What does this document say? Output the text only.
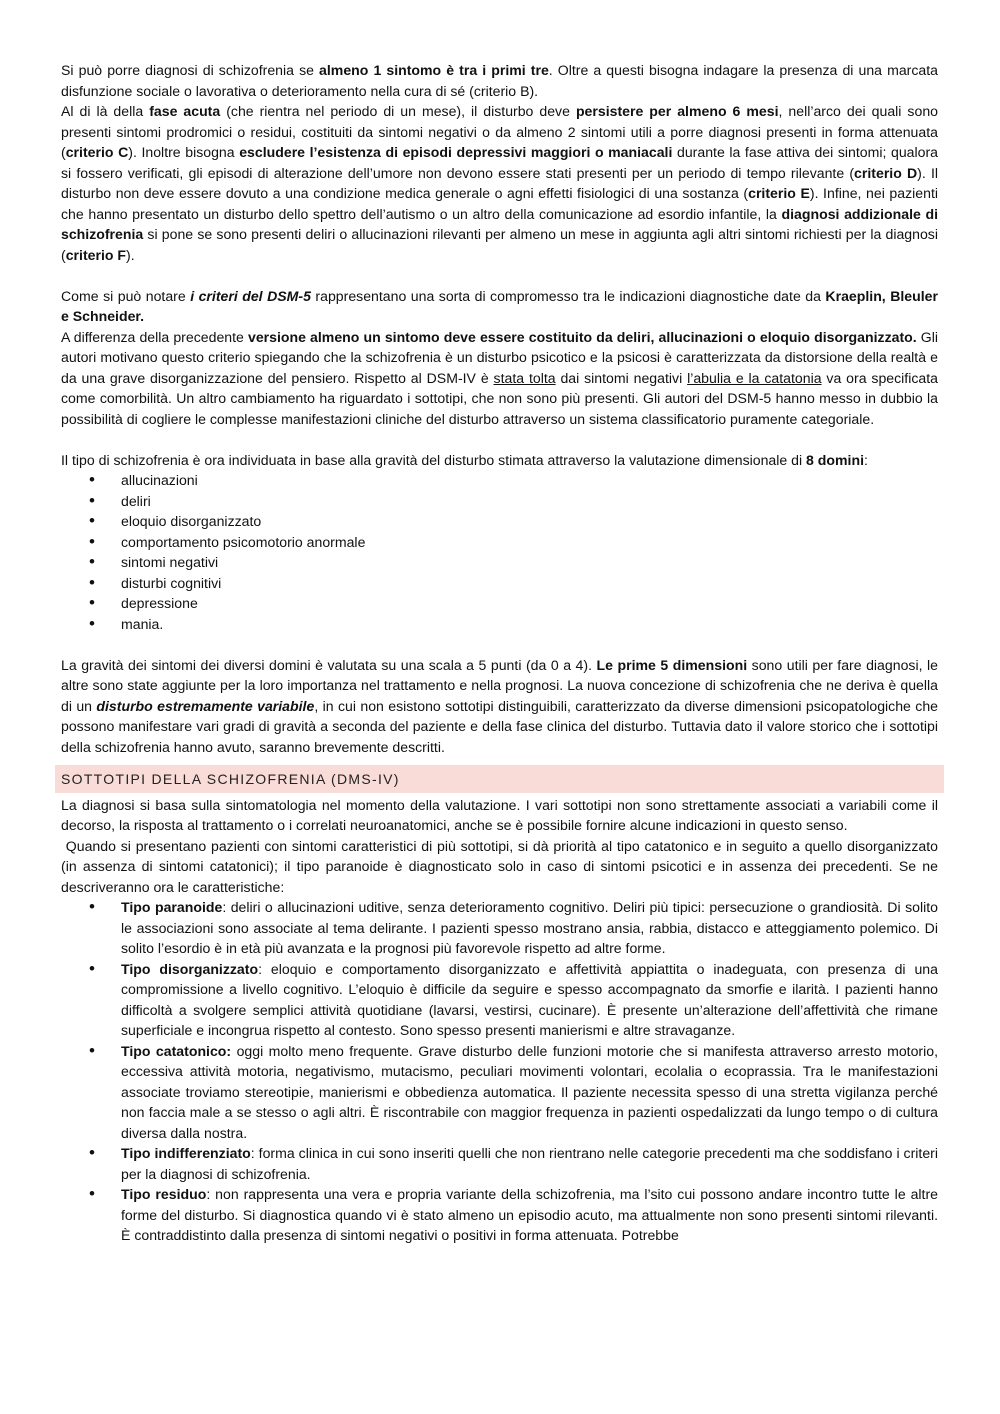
Si può porre diagnosi di schizofrenia se almeno 1 sintomo è tra i primi tre. Oltre a questi bisogna indagare la presenza di una marcata disfunzione sociale o lavorativa o deterioramento nella cura di sé (criterio B).

Al di là della fase acuta (che rientra nel periodo di un mese), il disturbo deve persistere per almeno 6 mesi, nell’arco dei quali sono presenti sintomi prodromici o residui, costituiti da sintomi negativi o da almeno 2 sintomi utili a porre diagnosi presenti in forma attenuata (criterio C). Inoltre bisogna escludere l’esistenza di episodi depressivi maggiori o maniacali durante la fase attiva dei sintomi; qualora si fossero verificati, gli episodi di alterazione dell’umore non devono essere stati presenti per un periodo di tempo rilevante (criterio D). Il disturbo non deve essere dovuto a una condizione medica generale o agni effetti fisiologici di una sostanza (criterio E). Infine, nei pazienti che hanno presentato un disturbo dello spettro dell’autismo o un altro della comunicazione ad esordio infantile, la diagnosi addizionale di schizofrenia si pone se sono presenti deliri o allucinazioni rilevanti per almeno un mese in aggiunta agli altri sintomi richiesti per la diagnosi (criterio F).

Come si può notare i criteri del DSM-5 rappresentano una sorta di compromesso tra le indicazioni diagnostiche date da Kraeplin, Bleuler e Schneider.

A differenza della precedente versione almeno un sintomo deve essere costituito da deliri, allucinazioni o eloquio disorganizzato. Gli autori motivano questo criterio spiegando che la schizofrenia è un disturbo psicotico e la psicosi è caratterizzata da distorsione della realtà e da una grave disorganizzazione del pensiero. Rispetto al DSM-IV è stata tolta dai sintomi negativi l’abulia e la catatonia va ora specificata come comorbilità. Un altro cambiamento ha riguardato i sottotipi, che non sono più presenti. Gli autori del DSM-5 hanno messo in dubbio la possibilità di cogliere le complesse manifestazioni cliniche del disturbo attraverso un sistema classificatorio puramente categoriale.

Il tipo di schizofrenia è ora individuata in base alla gravità del disturbo stimata attraverso la valutazione dimensionale di 8 domini:

• allucinazioni
• deliri
• eloquio disorganizzato
• comportamento psicomotorio anormale
• sintomi negativi
• disturbi cognitivi
• depressione
• mania.

La gravità dei sintomi dei diversi domini è valutata su una scala a 5 punti (da 0 a 4). Le prime 5 dimensioni sono utili per fare diagnosi, le altre sono state aggiunte per la loro importanza nel trattamento e nella prognosi. La nuova concezione di schizofrenia che ne deriva è quella di un disturbo estremamente variabile, in cui non esistono sottotipi distinguibili, caratterizzato da diverse dimensioni psicopatologiche che possono manifestare vari gradi di gravità a seconda del paziente e della fase clinica del disturbo. Tuttavia dato il valore storico che i sottotipi della schizofrenia hanno avuto, saranno brevemente descritti.

SOTTOTIPI DELLA SCHIZOFRENIA (DMS-IV)

La diagnosi si basa sulla sintomatologia nel momento della valutazione. I vari sottotipi non sono strettamente associati a variabili come il decorso, la risposta al trattamento o i correlati neuroanatomici, anche se è possibile fornire alcune indicazioni in questo senso.

Quando si presentano pazienti con sintomi caratteristici di più sottotipi, si dà priorità al tipo catatonico e in seguito a quello disorganizzato (in assenza di sintomi catatonici); il tipo paranoide è diagnosticato solo in caso di sintomi psicotici e in assenza dei precedenti. Se ne descriveranno ora le caratteristiche:

• Tipo paranoide: deliri o allucinazioni uditive, senza deterioramento cognitivo. Deliri più tipici: persecuzione o grandiosità. Di solito le associazioni sono associate al tema delirante. I pazienti spesso mostrano ansia, rabbia, distacco e atteggiamento polemico. Di solito l’esordio è in età più avanzata e la prognosi più favorevole rispetto ad altre forme.
• Tipo disorganizzato: eloquio e comportamento disorganizzato e affettività appiattita o inadeguata, con presenza di una compromissione a livello cognitivo. L’eloquio è difficile da seguire e spesso accompagnato da smorfie e ilarità. I pazienti hanno difficoltà a svolgere semplici attività quotidiane (lavarsi, vestirsi, cucinare). È presente un’alterazione dell’affettività che rimane superficiale e incongrua rispetto al contesto. Sono spesso presenti manierismi e altre stravaganze.
• Tipo catatonico: oggi molto meno frequente. Grave disturbo delle funzioni motorie che si manifesta attraverso arresto motorio, eccessiva attività motoria, negativismo, mutacismo, peculiari movimenti volontari, ecolalia o ecoprassia. Tra le manifestazioni associate troviamo stereotipie, manierismi e obbedienza automatica. Il paziente necessita spesso di una stretta vigilanza perché non faccia male a se stesso o agli altri. È riscontrabile con maggior frequenza in pazienti ospedalizzati da lungo tempo o di cultura diversa dalla nostra.
• Tipo indifferenziato: forma clinica in cui sono inseriti quelli che non rientrano nelle categorie precedenti ma che soddisfano i criteri per la diagnosi di schizofrenia.
• Tipo residuo: non rappresenta una vera e propria variante della schizofrenia, ma l’sito cui possono andare incontro tutte le altre forme del disturbo. Si diagnostica quando vi è stato almeno un episodio acuto, ma attualmente non sono presenti sintomi rilevanti. È contraddistinto dalla presenza di sintomi negativi o positivi in forma attenuata. Potrebbe
